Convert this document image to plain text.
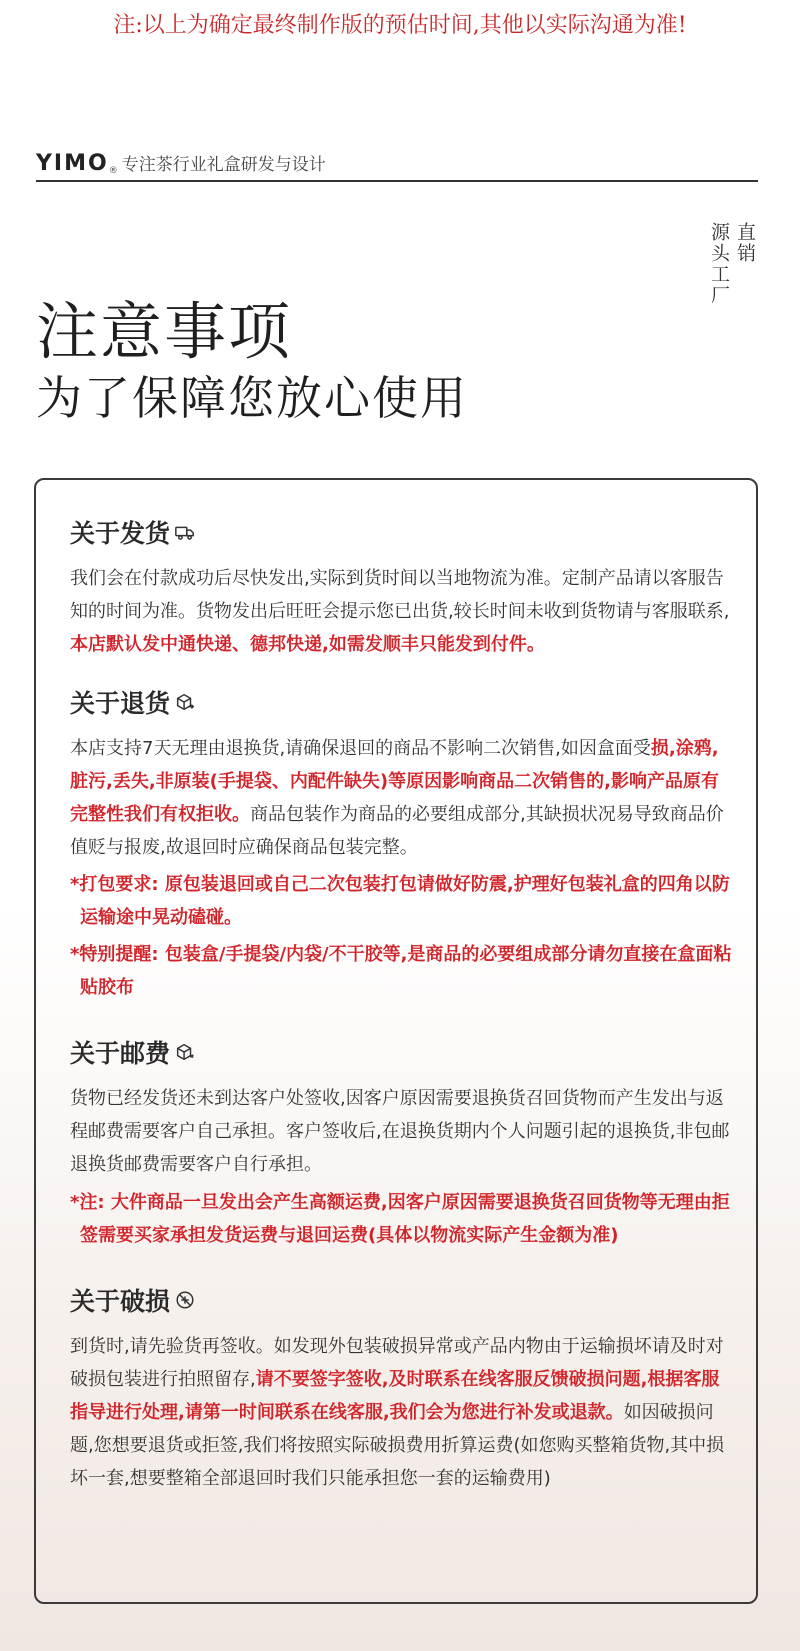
注:以上为确定最终制作版的预估时间,其他以实际沟通为准!
YIMO ® 专注茶行业礼盒研发与设计
直销
源头工厂
注意事项
为了保障您放心使用
关于发货
我们会在付款成功后尽快发出,实际到货时间以当地物流为准。定制产品请以客服告知的时间为准。货物发出后旺旺会提示您已出货,较长时间未收到货物请与客服联系,本店默认发中通快递、德邦快递,如需发顺丰只能发到付件。
关于退货
本店支持7天无理由退换货,请确保退回的商品不影响二次销售,如因盒面受损,涂鸦,脏污,丢失,非原装(手提袋、内配件缺失)等原因影响商品二次销售的,影响产品原有完整性我们有权拒收。商品包装作为商品的必要组成部分,其缺损状况易导致商品价值贬与报废,故退回时应确保商品包装完整。
*打包要求: 原包装退回或自己二次包装打包请做好防震,护理好包装礼盒的四角以防运输途中晃动磕碰。
*特别提醒: 包装盒/手提袋/内袋/不干胶等,是商品的必要组成部分请勿直接在盒面粘贴胶布
关于邮费
货物已经发货还未到达客户处签收,因客户原因需要退换货召回货物而产生发出与返程邮费需要客户自己承担。客户签收后,在退换货期内个人问题引起的退换货,非包邮退换货邮费需要客户自行承担。
*注: 大件商品一旦发出会产生高额运费,因客户原因需要退换货召回货物等无理由拒签需要买家承担发货运费与退回运费(具体以物流实际产生金额为准)
关于破损
到货时,请先验货再签收。如发现外包装破损异常或产品内物由于运输损坏请及时对破损包装进行拍照留存,请不要签字签收,及时联系在线客服反馈破损问题,根据客服指导进行处理,请第一时间联系在线客服,我们会为您进行补发或退款。如因破损问题,您想要退货或拒签,我们将按照实际破损费用折算运费(如您购买整箱货物,其中损坏一套,想要整箱全部退回时我们只能承担您一套的运输费用)
